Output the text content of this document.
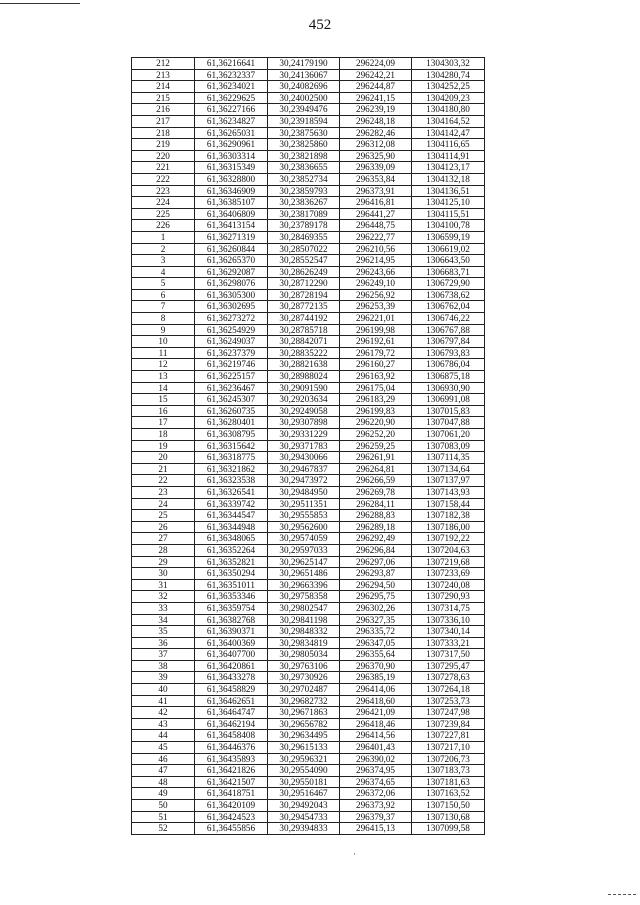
452
212	61,36216641	30,24179190	296224,09	1304303,32
213	61,36232337	30,24136067	296242,21	1304280,74
214	61,36234021	30,24082696	296244,87	1304252,25
215	61,36229625	30,24002500	296241,15	1304209,23
216	61,36227166	30,23949476	296239,19	1304180,80
217	61,36234827	30,23918594	296248,18	1304164,52
218	61,36265031	30,23875630	296282,46	1304142,47
219	61,36290961	30,23825860	296312,08	1304116,65
220	61,36303314	30,23821898	296325,90	1304114,91
221	61,36315349	30,23836655	296339,09	1304123,17
222	61,36328800	30,23852734	296353,84	1304132,18
223	61,36346909	30,23859793	296373,91	1304136,51
224	61,36385107	30,23836267	296416,81	1304125,10
225	61,36406809	30,23817089	296441,27	1304115,51
226	61,36413154	30,23789178	296448,75	1304100,78
1	61,36271319	30,28469355	296222,77	1306599,19
2	61,36260844	30,28507022	296210,56	1306619,02
3	61,36265370	30,28552547	296214,95	1306643,50
4	61,36292087	30,28626249	296243,66	1306683,71
5	61,36298076	30,28712290	296249,10	1306729,90
6	61,36305300	30,28728194	296256,92	1306738,62
7	61,36302695	30,28772135	296253,39	1306762,04
8	61,36273272	30,28744192	296221,01	1306746,22
9	61,36254929	30,28785718	296199,98	1306767,88
10	61,36249037	30,28842071	296192,61	1306797,84
11	61,36237379	30,28835222	296179,72	1306793,83
12	61,36219746	30,28821638	296160,27	1306786,04
13	61,36225157	30,28988024	296163,92	1306875,18
14	61,36236467	30,29091590	296175,04	1306930,90
15	61,36245307	30,29203634	296183,29	1306991,08
16	61,36260735	30,29249058	296199,83	1307015,83
17	61,36280401	30,29307898	296220,90	1307047,88
18	61,36308795	30,29331229	296252,20	1307061,20
19	61,36315642	30,29371783	296259,25	1307083,09
20	61,36318775	30,29430066	296261,91	1307114,35
21	61,36321862	30,29467837	296264,81	1307134,64
22	61,36323538	30,29473972	296266,59	1307137,97
23	61,36326541	30,29484950	296269,78	1307143,93
24	61,36339742	30,29511351	296284,11	1307158,44
25	61,36344547	30,29555853	296288,83	1307182,38
26	61,36344948	30,29562600	296289,18	1307186,00
27	61,36348065	30,29574059	296292,49	1307192,22
28	61,36352264	30,29597033	296296,84	1307204,63
29	61,36352821	30,29625147	296297,06	1307219,68
30	61,36350294	30,29651486	296293,87	1307233,69
31	61,36351011	30,29663396	296294,50	1307240,08
32	61,36353346	30,29758358	296295,75	1307290,93
33	61,36359754	30,29802547	296302,26	1307314,75
34	61,36382768	30,29841198	296327,35	1307336,10
35	61,36390371	30,29848332	296335,72	1307340,14
36	61,36400369	30,29834819	296347,05	1307333,21
37	61,36407700	30,29805034	296355,64	1307317,50
38	61,36420861	30,29763106	296370,90	1307295,47
39	61,36433278	30,29730926	296385,19	1307278,63
40	61,36458829	30,29702487	296414,06	1307264,18
41	61,36462651	30,29682732	296418,60	1307253,73
42	61,36464747	30,29671863	296421,09	1307247,98
43	61,36462194	30,29656782	296418,46	1307239,84
44	61,36458408	30,29634495	296414,56	1307227,81
45	61,36446376	30,29615133	296401,43	1307217,10
46	61,36435893	30,29596321	296390,02	1307206,73
47	61,36421826	30,29554090	296374,95	1307183,73
48	61,36421507	30,29550181	296374,65	1307181,63
49	61,36418751	30,29516467	296372,06	1307163,52
50	61,36420109	30,29492043	296373,92	1307150,50
51	61,36424523	30,29454733	296379,37	1307130,68
52	61,36455856	30,29394833	296415,13	1307099,58
·
